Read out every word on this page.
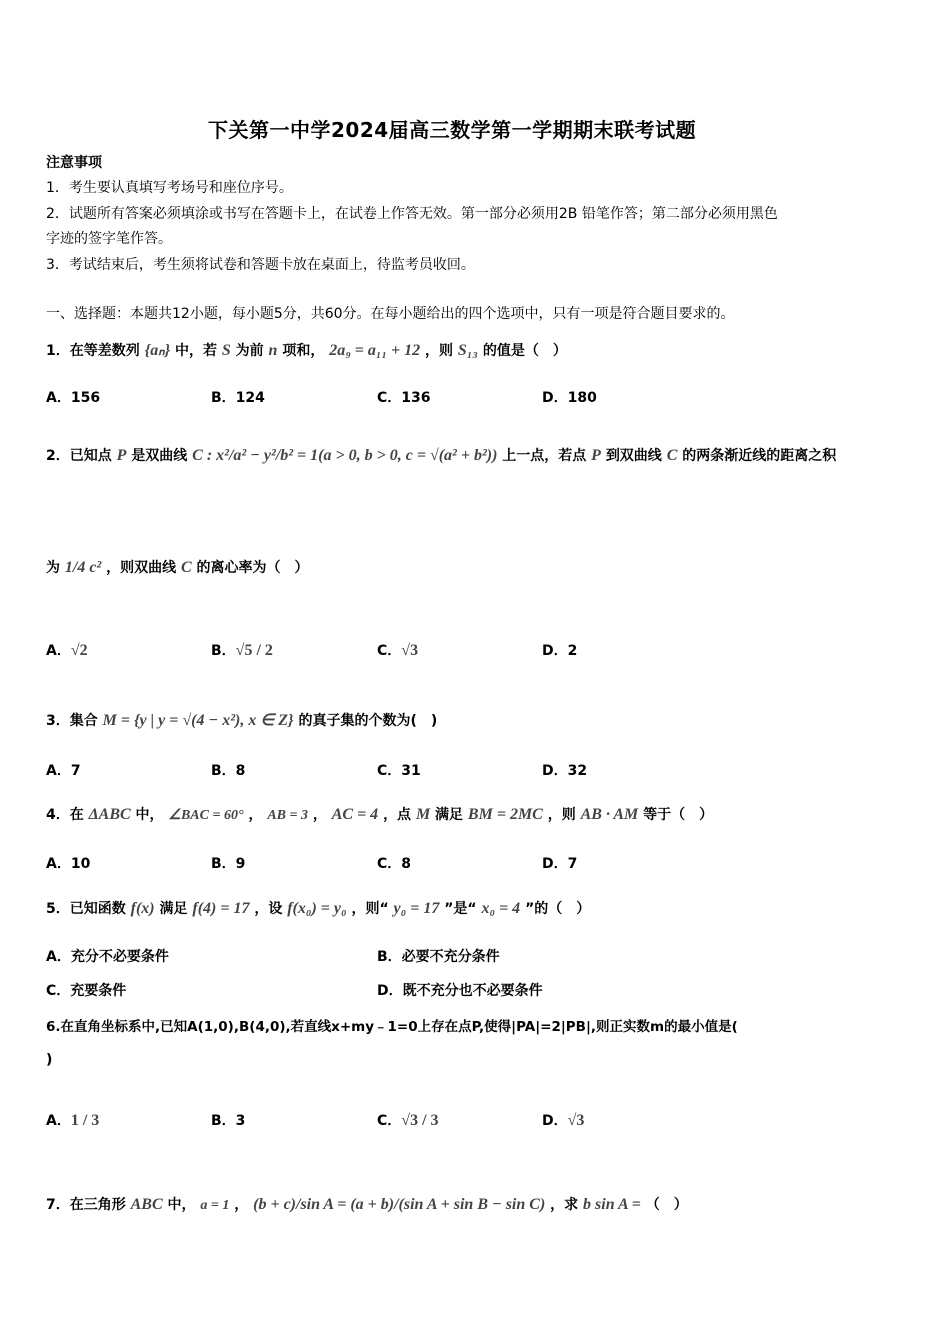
下关第一中学2024届高三数学第一学期期末联考试题
注意事项
1．考生要认真填写考场号和座位序号。
2．试题所有答案必须填涂或书写在答题卡上，在试卷上作答无效。第一部分必须用2B 铅笔作答；第二部分必须用黑色
字迹的签字笔作答。
3．考试结束后，考生须将试卷和答题卡放在桌面上，待监考员收回。
一、选择题：本题共12小题，每小题5分，共60分。在每小题给出的四个选项中，只有一项是符合题目要求的。
1．在等差数列 {aₙ} 中，若 S 为前 n 项和， 2a₉ = a₁₁ + 12 ，则 S₁₃ 的值是（　）
A．156	B．124	C．136	D．180
2．已知点 P 是双曲线 C : x²/a² − y²/b² = 1(a > 0, b > 0, c = √(a² + b²)) 上一点，若点 P 到双曲线 C 的两条渐近线的距离之积
为 1/4 c² ，则双曲线 C 的离心率为（　）
A．√2	B．√5 / 2	C．√3	D．2
3．集合 M = {y | y = √(4 − x²), x ∈ Z} 的真子集的个数为(　)
A．7	B．8	C．31	D．32
4．在 ΔABC 中， ∠BAC = 60° ， AB = 3 ， AC = 4 ，点 M 满足 BM = 2MC ，则 AB · AM 等于（　）
A．10	B．9	C．8	D．7
5．已知函数 f(x) 满足 f(4) = 17 ，设 f(x₀) = y₀ ，则“ y₀ = 17 ”是“ x₀ = 4 ”的（　）
A．充分不必要条件	B．必要不充分条件
C．充要条件	D．既不充分也不必要条件
6.在直角坐标系中,已知A(1,0),B(4,0),若直线x+my﹣1=0上存在点P,使得|PA|=2|PB|,则正实数m的最小值是(
)
A．1 / 3	B．3	C．√3 / 3	D．√3
7．在三角形 ABC 中， a = 1 ， (b + c)/sin A = (a + b)/(sin A + sin B − sin C) ，求 b sin A = （　）
